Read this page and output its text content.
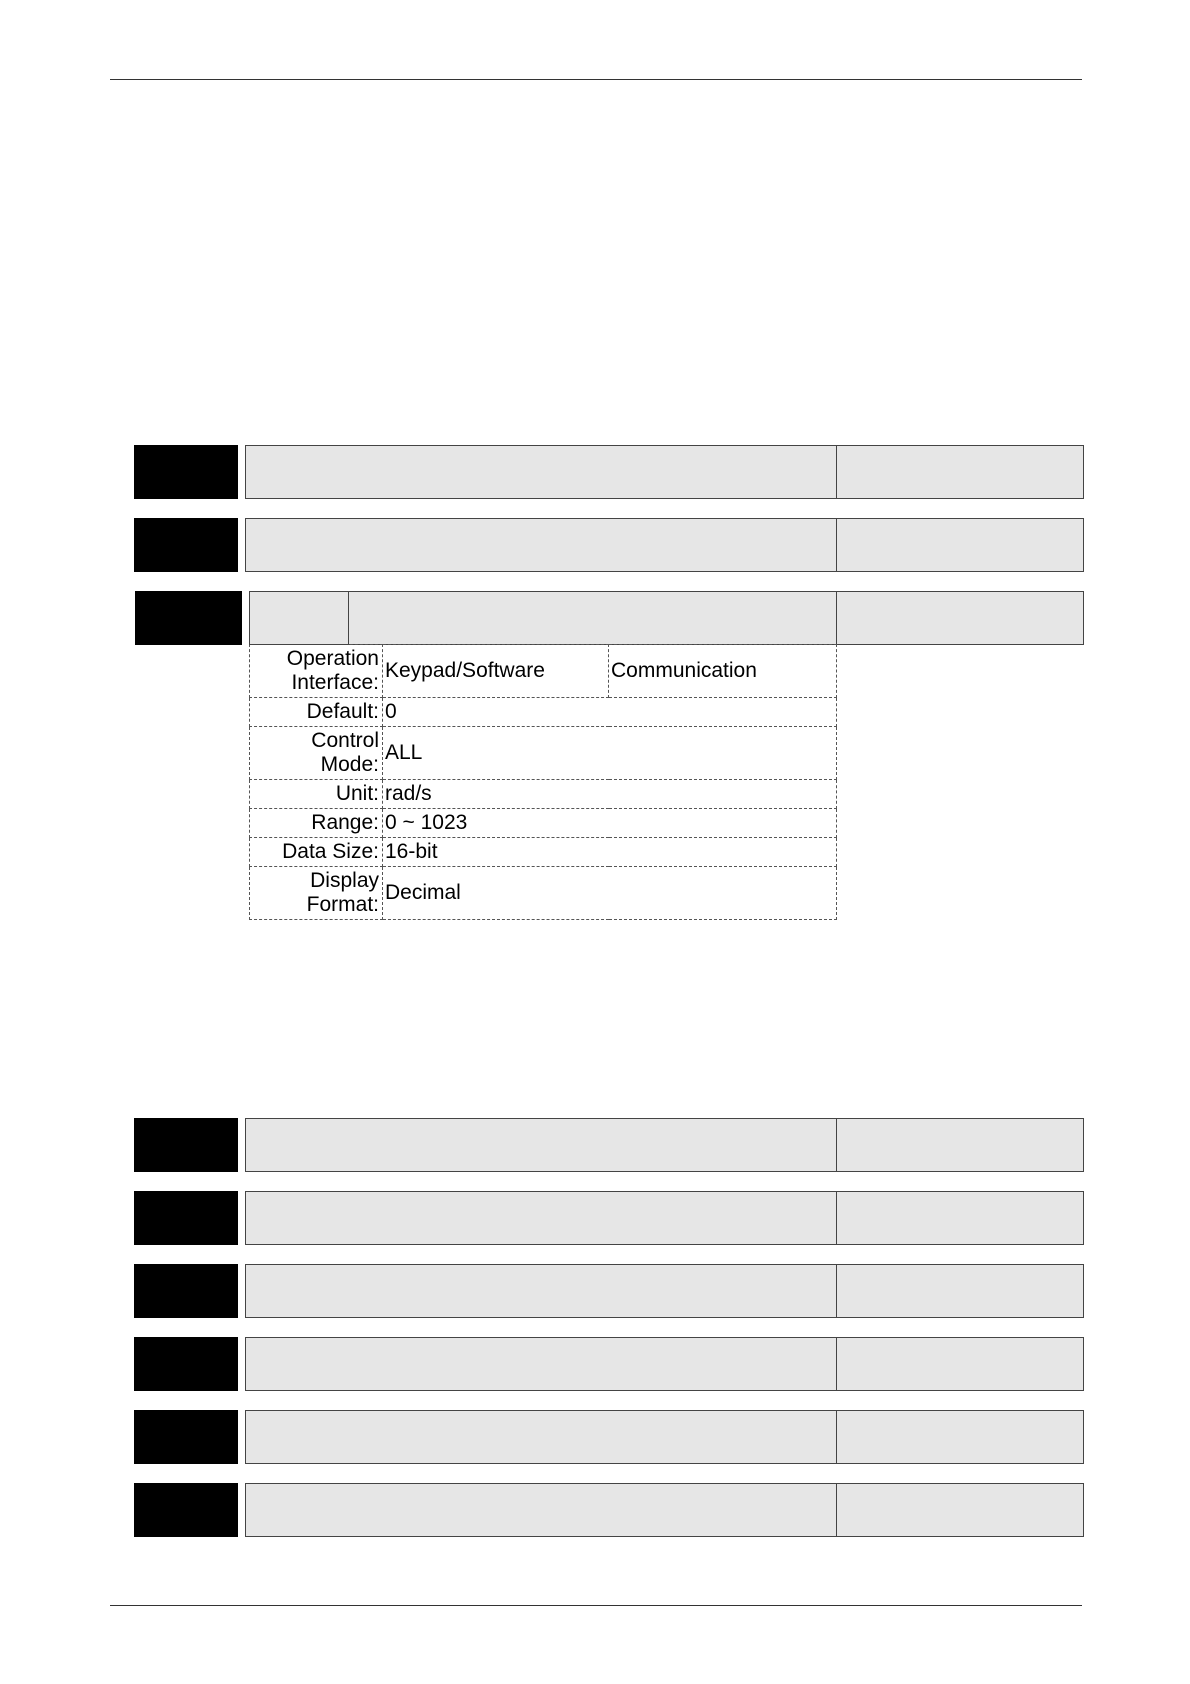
Operation Interface:	Keypad/Software	Communication
Default:	0	
Control Mode:	ALL	
Unit:	rad/s	
Range:	0 ~ 1023	
Data Size:	16-bit	
Display Format:	Decimal	
